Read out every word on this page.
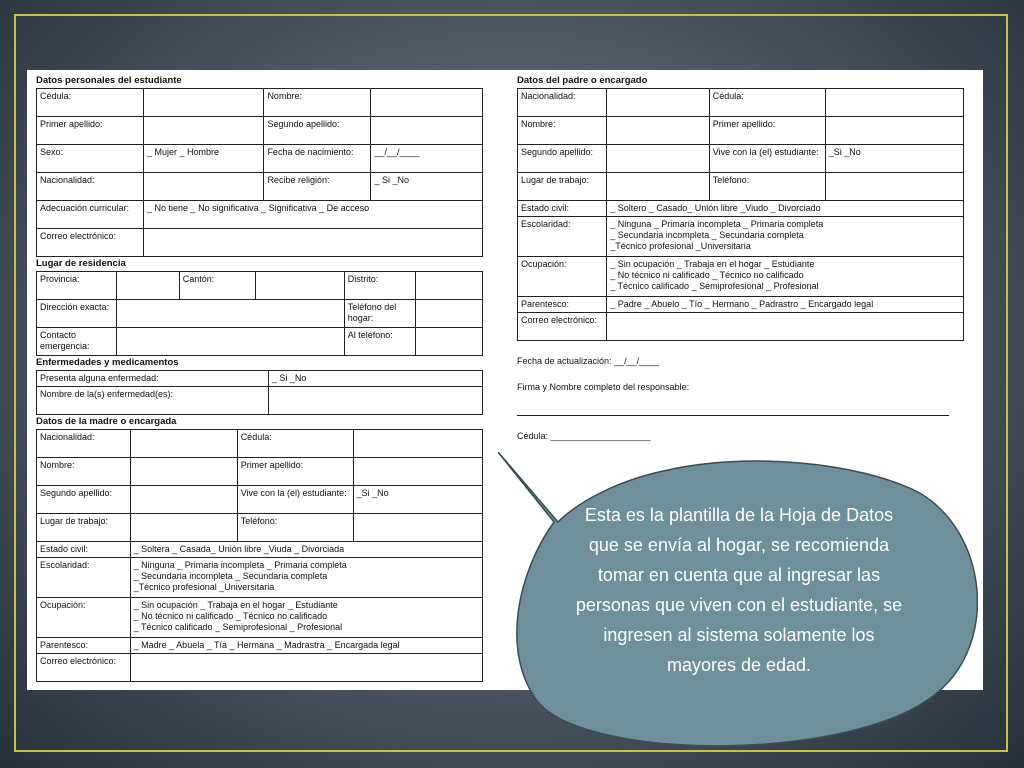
Datos personales del estudiante

Cédula:		Nombre:	
Primer apellido:		Segundo apellido:	
Sexo:	_ Mujer _ Hombre	Fecha de nacimiento:	__/__/____
Nacionalidad:		Recibe religión:	_ Si _No
Adecuación curricular:	_ No tiene _ No significativa _ Significativa _ De acceso		
Correo electrónico:			

Lugar de residencia

Provincia:		Cantón:		Distrito:	
Dirección exacta:				Teléfono del hogar:	
Contacto emergencia:				Al teléfono:	

Enfermedades y medicamentos

Presenta alguna enfermedad:	_ Si _No
Nombre de la(s) enfermedad(es):	

Datos de la madre o encargada

Nacionalidad:		Cédula:	
Nombre:		Primer apellido:	
Segundo apellido:		Vive con la (el) estudiante:	_Si _No
Lugar de trabajo:		Teléfono:	
Estado civil:	_ Soltera _ Casada_ Unión libre _Viuda _ Divorciada		
Escolaridad:	_ Ninguna _ Primaria incompleta _ Primaria completa
_ Secundaria incompleta _ Secundaria completa
_Técnico profesional _Universitaria		

Ocupación:	_ Sin ocupación _ Trabaja en el hogar _ Estudiante
_ No técnico ni calificado _ Técnico no calificado
_ Técnico calificado _ Semiprofesional _ Profesional		

Parentesco:	_ Madre _ Abuela _ Tía _ Hermana _ Madrastra _ Encargada legal		
Correo electrónico:			

Datos del padre o encargado

Nacionalidad:		Cédula:	
Nombre:		Primer apellido:	
Segundo apellido:		Vive con la (el) estudiante:	_Si _No
Lugar de trabajo:		Teléfono:	
Estado civil:	_ Soltero _ Casado_ Unión libre _Viudo _ Divorciado		
Escolaridad:	_ Ninguna _ Primaria incompleta _ Primaria completa
_ Secundaria incompleta _ Secundaria completa
_Técnico profesional _Universitaria		

Ocupación:	_ Sin ocupación _ Trabaja en el hogar _ Estudiante
_ No técnico ni calificado _ Técnico no calificado
_ Técnico calificado _ Semiprofesional _ Profesional		

Parentesco:	_ Padre _ Abuelo _ Tío _ Hermano _ Padrastro _ Encargado legal		
Correo electrónico:			
Fecha de actualización: __/__/____
Firma y Nombre completo del responsable:
Cédula: ____________________
Esta es la plantilla de la Hoja de Datos que se envía al hogar, se recomienda tomar en cuenta que al ingresar las personas que viven con el estudiante, se ingresen al sistema solamente los mayores de edad.
